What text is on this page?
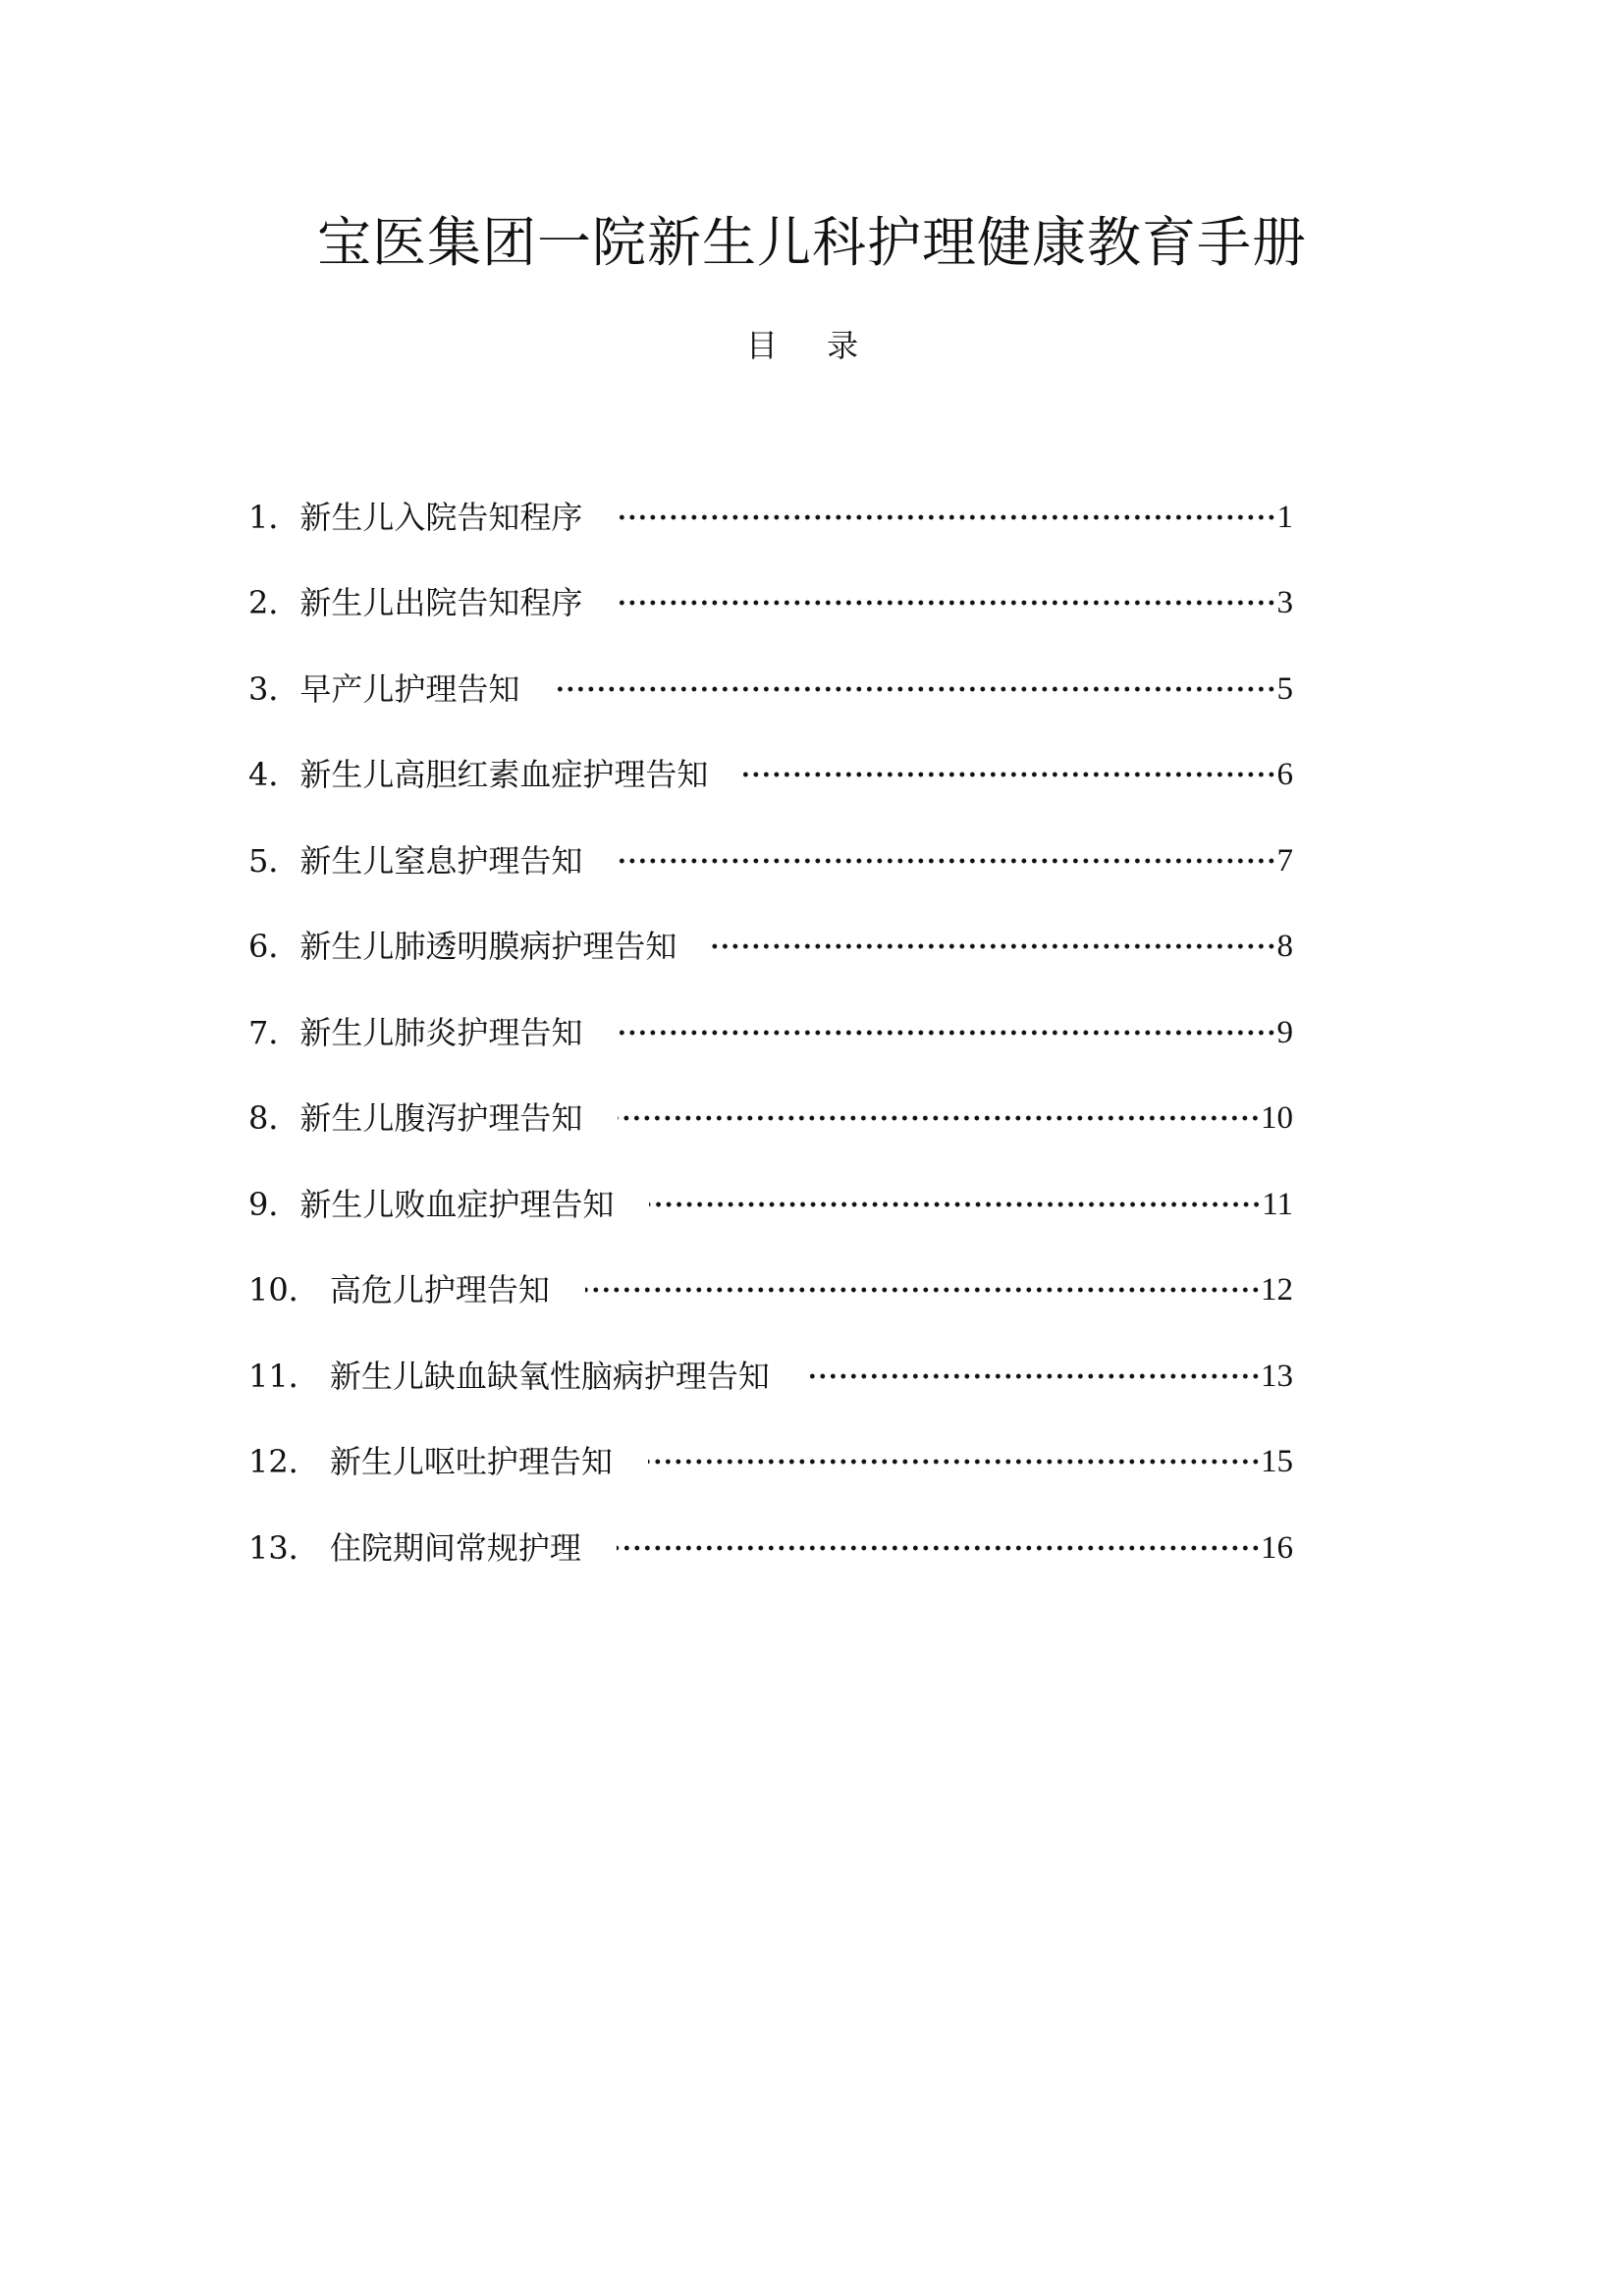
宝医集团一院新生儿科护理健康教育手册
目 录
1． 新生儿入院告知程序	1
2． 新生儿出院告知程序	3
3． 早产儿护理告知	5
4． 新生儿高胆红素血症护理告知	6
5． 新生儿窒息护理告知	7
6． 新生儿肺透明膜病护理告知	8
7． 新生儿肺炎护理告知	9
8． 新生儿腹泻护理告知	10
9． 新生儿败血症护理告知	11
10． 高危儿护理告知	12
11． 新生儿缺血缺氧性脑病护理告知	13
12． 新生儿呕吐护理告知	15
13． 住院期间常规护理	16
